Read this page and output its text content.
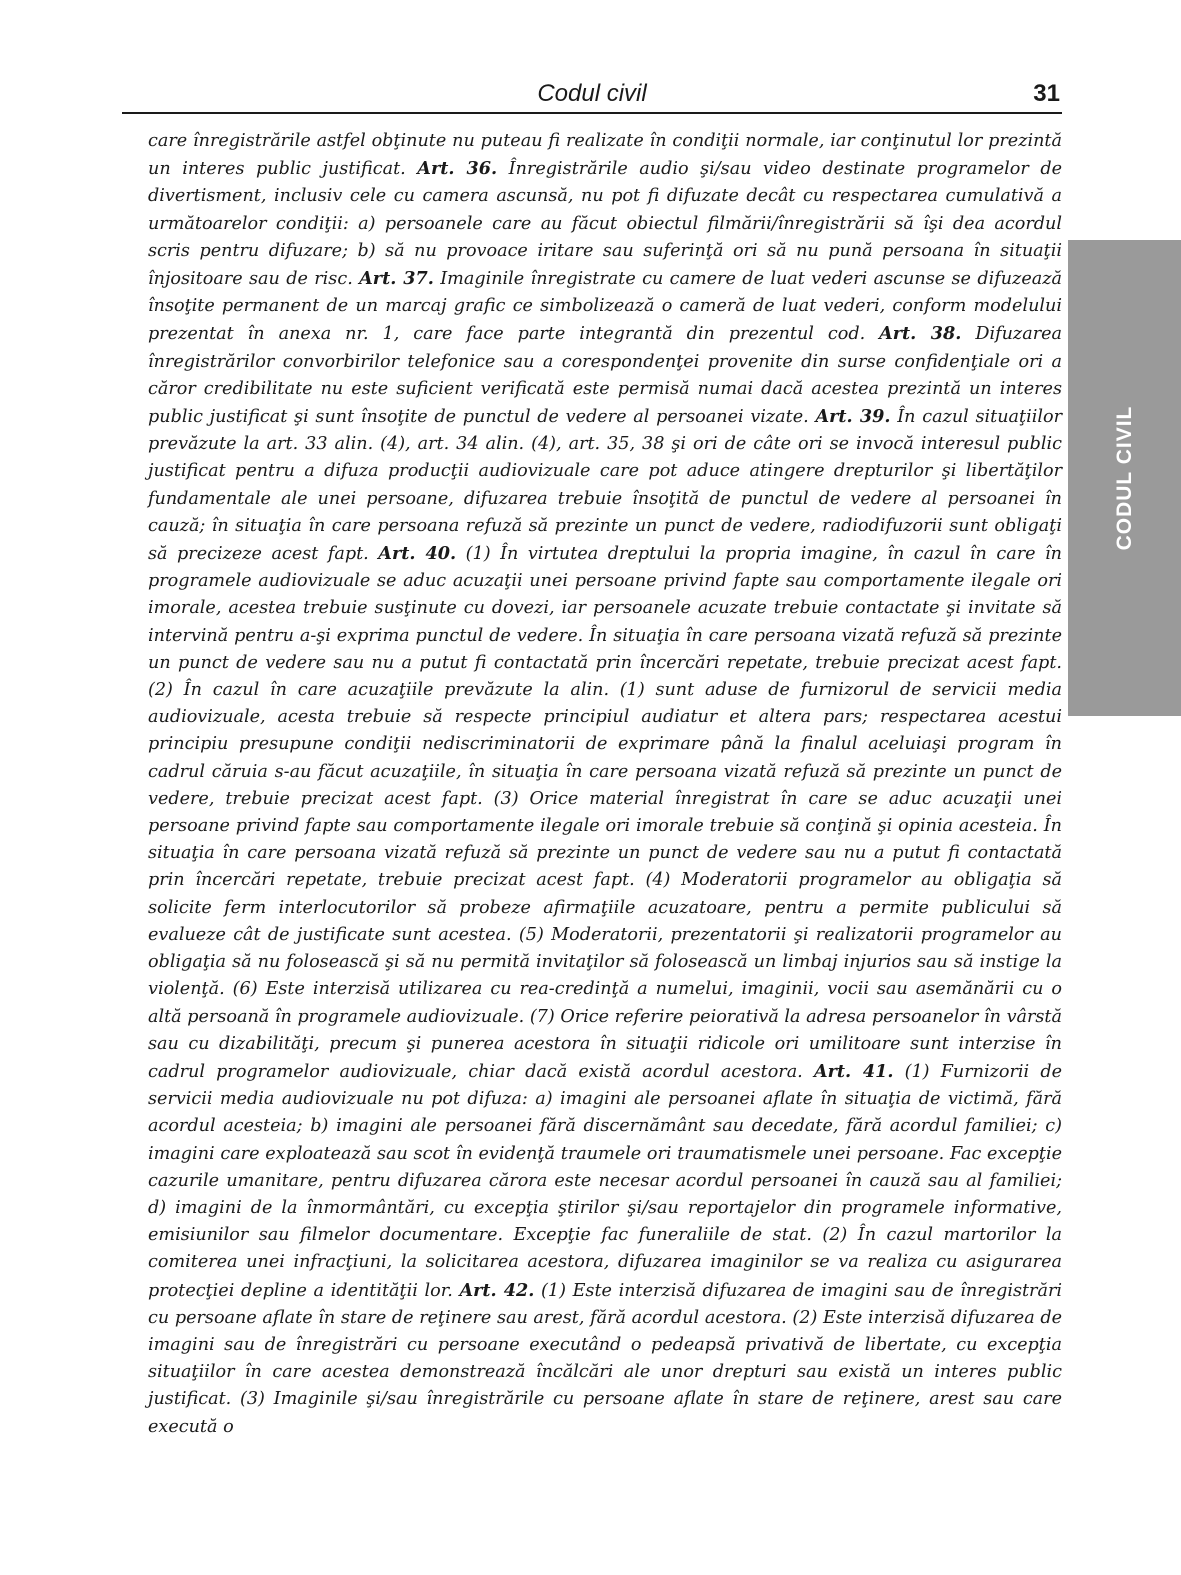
Codul civil	31
CODUL CIVIL
care înregistrările astfel obţinute nu puteau fi realizate în condiţii normale, iar conţinutul lor prezintă un interes public justificat. Art. 36. Înregistrările audio şi/sau video destinate programelor de divertisment, inclusiv cele cu camera ascunsă, nu pot fi difuzate decât cu respectarea cumulativă a următoarelor condiţii: a) persoanele care au făcut obiectul filmării/înregistrării să îşi dea acordul scris pentru difuzare; b) să nu provoace iritare sau suferinţă ori să nu pună persoana în situaţii înjositoare sau de risc. Art. 37. Imaginile înregistrate cu camere de luat vederi ascunse se difuzează însoţite permanent de un marcaj grafic ce simbolizează o cameră de luat vederi, conform modelului prezentat în anexa nr. 1, care face parte integrantă din prezentul cod. Art. 38. Difuzarea înregistrărilor convorbirilor telefonice sau a corespondenţei provenite din surse confidenţiale ori a căror credibilitate nu este suficient verificată este permisă numai dacă acestea prezintă un interes public justificat şi sunt însoţite de punctul de vedere al persoanei vizate. Art. 39. În cazul situaţiilor prevăzute la art. 33 alin. (4), art. 34 alin. (4), art. 35, 38 şi ori de câte ori se invocă interesul public justificat pentru a difuza producţii audiovizuale care pot aduce atingere drepturilor şi libertăţilor fundamentale ale unei persoane, difuzarea trebuie însoţită de punctul de vedere al persoanei în cauză; în situaţia în care persoana refuză să prezinte un punct de vedere, radiodifuzorii sunt obligaţi să precizeze acest fapt. Art. 40. (1) În virtutea dreptului la propria imagine, în cazul în care în programele audiovizuale se aduc acuzaţii unei persoane privind fapte sau comportamente ilegale ori imorale, acestea trebuie susţinute cu dovezi, iar persoanele acuzate trebuie contactate şi invitate să intervină pentru a-şi exprima punctul de vedere. În situaţia în care persoana vizată refuză să prezinte un punct de vedere sau nu a putut fi contactată prin încercări repetate, trebuie precizat acest fapt. (2) În cazul în care acuzaţiile prevăzute la alin. (1) sunt aduse de furnizorul de servicii media audiovizuale, acesta trebuie să respecte principiul audiatur et altera pars; respectarea acestui principiu presupune condiţii nediscriminatorii de exprimare până la finalul aceluiaşi program în cadrul căruia s-au făcut acuzaţiile, în situaţia în care persoana vizată refuză să prezinte un punct de vedere, trebuie precizat acest fapt. (3) Orice material înregistrat în care se aduc acuzaţii unei persoane privind fapte sau comportamente ilegale ori imorale trebuie să conţină şi opinia acesteia. În situaţia în care persoana vizată refuză să prezinte un punct de vedere sau nu a putut fi contactată prin încercări repetate, trebuie precizat acest fapt. (4) Moderatorii programelor au obligaţia să solicite ferm interlocutorilor să probeze afirmaţiile acuzatoare, pentru a permite publicului să evalueze cât de justificate sunt acestea. (5) Moderatorii, prezentatorii şi realizatorii programelor au obligaţia să nu folosească şi să nu permită invitaţilor să folosească un limbaj injurios sau să instige la violenţă. (6) Este interzisă utilizarea cu rea-credinţă a numelui, imaginii, vocii sau asemănării cu o altă persoană în programele audiovizuale. (7) Orice referire peiorativă la adresa persoanelor în vârstă sau cu dizabilităţi, precum şi punerea acestora în situaţii ridicole ori umilitoare sunt interzise în cadrul programelor audiovizuale, chiar dacă există acordul acestora. Art. 41. (1) Furnizorii de servicii media audiovizuale nu pot difuza: a) imagini ale persoanei aflate în situaţia de victimă, fără acordul acesteia; b) imagini ale persoanei fără discernământ sau decedate, fără acordul familiei; c) imagini care exploatează sau scot în evidenţă traumele ori traumatismele unei persoane. Fac excepţie cazurile umanitare, pentru difuzarea cărora este necesar acordul persoanei în cauză sau al familiei; d) imagini de la înmormântări, cu excepţia ştirilor şi/sau reportajelor din programele informative, emisiunilor sau filmelor documentare. Excepţie fac funeraliile de stat. (2) În cazul martorilor la comiterea unei infracţiuni, la solicitarea acestora, difuzarea imaginilor se va realiza cu asigurarea protecţiei depline a identităţii lor. Art. 42. (1) Este interzisă difuzarea de imagini sau de înregistrări cu persoane aflate în stare de reţinere sau arest, fără acordul acestora. (2) Este interzisă difuzarea de imagini sau de înregistrări cu persoane executând o pedeapsă privativă de libertate, cu excepţia situaţiilor în care acestea demonstrează încălcări ale unor drepturi sau există un interes public justificat. (3) Imaginile şi/sau înregistrările cu persoane aflate în stare de reţinere, arest sau care execută o
